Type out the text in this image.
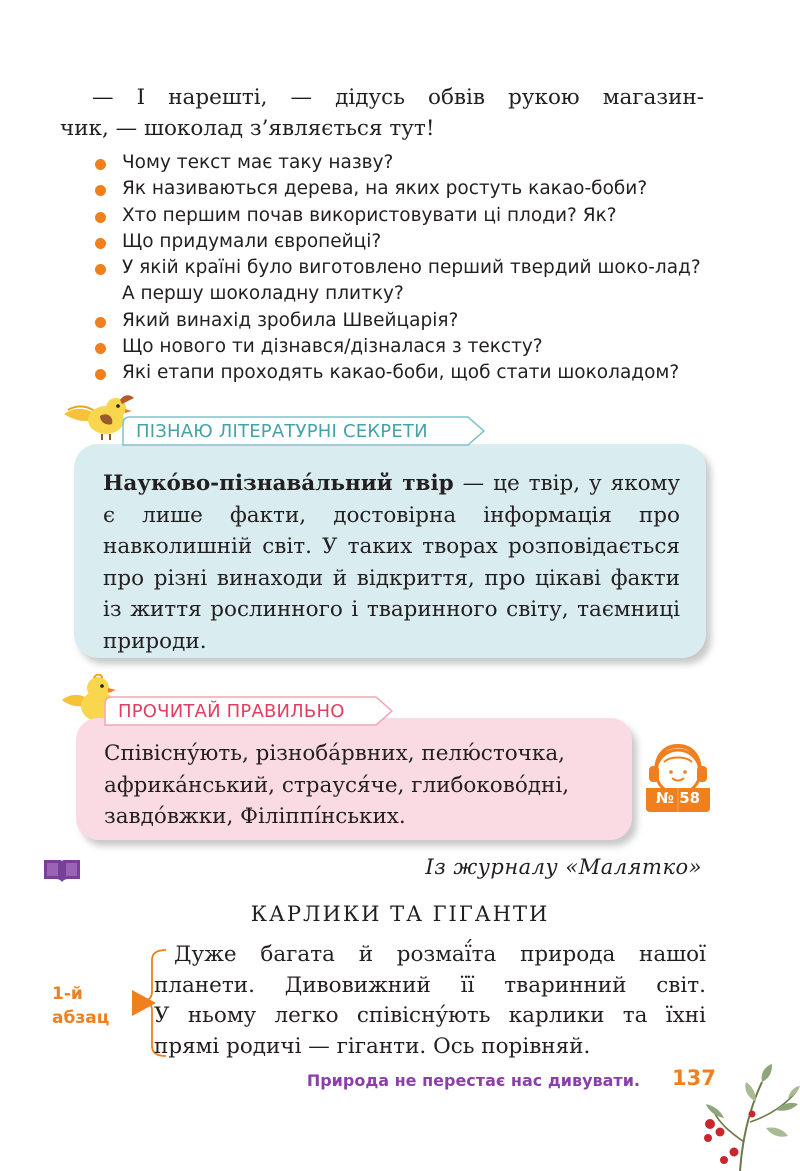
— І нарешті, — дідусь обвів рукою магазин-
чик, — шоколад з’являється тут!
Чому текст має таку назву?
Як називаються дерева, на яких ростуть какао-боби?
Хто першим почав використовувати ці плоди? Як?
Що придумали європейці?
У якій країні було виготовлено перший твердий шоко-лад? А першу шоколадну плитку?
Який винахід зробила Швейцарія?
Що нового ти дізнався/дізналася з тексту?
Які етапи проходять какао-боби, щоб стати шоколадом?
ПІЗНАЮ ЛІТЕРАТУРНІ СЕКРЕТИ
Науко́во-пізнава́льний твір — це твір, у якому є лише факти, достовірна інформація про навколишній світ. У таких творах розповідається про різні винаходи й відкриття, про цікаві факти із життя рослинного і тваринного світу, таємниці природи.
ПРОЧИТАЙ ПРАВИЛЬНО
Співісну́ють, різноба́рвних, пелю́сточка,
африка́нський, страуся́че, глибоково́дні,
завдо́вжки, Філіппі́нських.
№ 58
Із журналу «Малятко»
КАРЛИКИ ТА ГІГАНТИ
1-й
абзац
Дуже багата й розмаї́та природа нашої
планети. Дивовижний її тваринний світ.
У ньому легко співісну́ють карлики та їхні
прямі родичі — гіганти. Ось порівняй.
Природа не перестає нас дивувати. 137
